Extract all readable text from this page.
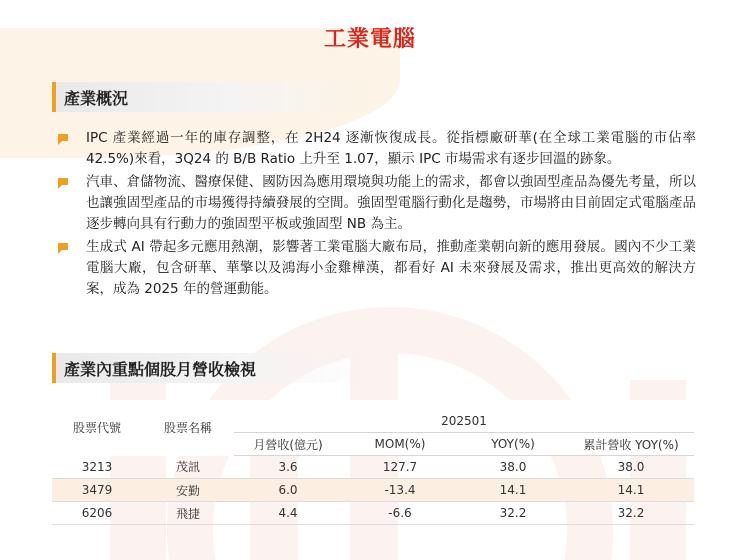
工業電腦
產業概況
IPC 產業經過一年的庫存調整，在 2H24 逐漸恢復成長。從指標廠研華(在全球工業電腦的市佔率 42.5%)來看，3Q24 的 B/B Ratio 上升至 1.07，顯示 IPC 市場需求有逐步回溫的跡象。
汽車、倉儲物流、醫療保健、國防因為應用環境與功能上的需求，都會以強固型產品為優先考量，所以也讓強固型產品的市場獲得持續發展的空間。強固型電腦行動化是趨勢，市場將由目前固定式電腦產品逐步轉向具有行動力的強固型平板或強固型 NB 為主。
生成式 AI 帶起多元應用熱潮，影響著工業電腦大廠布局，推動產業朝向新的應用發展。國內不少工業電腦大廠，包含研華、華擎以及鴻海小金雞樺漢，都看好 AI 未來發展及需求，推出更高效的解決方案，成為 2025 年的營運動能。
產業內重點個股月營收檢視
股票代號	股票名稱	202501			
		月營收(億元)	MOM(%)	YOY(%)	累計營收 YOY(%)
3213	茂訊	3.6	127.7	38.0	38.0
3479	安勤	6.0	-13.4	14.1	14.1
6206	飛捷	4.4	-6.6	32.2	32.2
